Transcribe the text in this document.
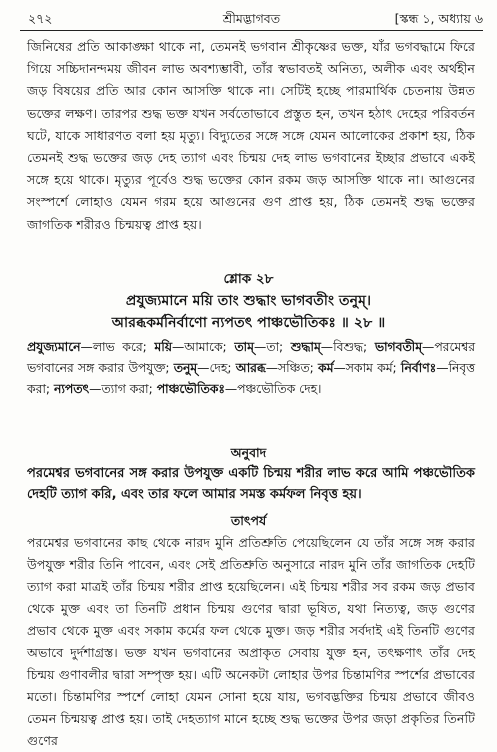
২৭২	শ্রীমদ্ভাগবত	[স্কন্ধ ১, অধ্যায় ৬

জিনিষের প্রতি আকাঙ্ক্ষা থাকে না, তেমনই ভগবান শ্রীকৃষ্ণের ভক্ত, যাঁর ভগবদ্ধামে ফিরে গিয়ে সচ্চিদানন্দময় জীবন লাভ অবশ্যম্ভাবী, তাঁর স্বভাবতই অনিত্য, অলীক এবং অর্থহীন জড় বিষয়ের প্রতি আর কোন আসক্তি থাকে না। সেটিই হচ্ছে পারমার্থিক চেতনায় উন্নত ভক্তের লক্ষণ। তারপর শুদ্ধ ভক্ত যখন সর্বতোভাবে প্রস্তুত হন, তখন হঠাৎ দেহের পরিবর্তন ঘটে, যাকে সাধারণত বলা হয় মৃত্যু। বিদ্যুতের সঙ্গে সঙ্গে যেমন আলোকের প্রকাশ হয়, ঠিক তেমনই শুদ্ধ ভক্তের জড় দেহ ত্যাগ এবং চিন্ময় দেহ লাভ ভগবানের ইচ্ছার প্রভাবে একই সঙ্গে হয়ে থাকে। মৃত্যুর পূর্বেও শুদ্ধ ভক্তের কোন রকম জড় আসক্তি থাকে না। আগুনের সংস্পর্শে লোহাও যেমন গরম হয়ে আগুনের গুণ প্রাপ্ত হয়, ঠিক তেমনই শুদ্ধ ভক্তের জাগতিক শরীরও চিন্ময়ত্ব প্রাপ্ত হয়।

শ্লোক ২৮
প্রযুজ্যমানে ময়ি তাং শুদ্ধাং ভাগবতীং তনুম্।
আরব্ধকর্মনির্বাণো ন্যপতৎ পাঞ্চভৌতিকঃ ॥ ২৮ ॥

প্রযুজ্যমানে—লাভ করে; ময়ি—আমাকে; তাম্—তা; শুদ্ধাম্—বিশুদ্ধ; ভাগবতীম্—পরমেশ্বর ভগবানের সঙ্গ করার উপযুক্ত; তনুম্—দেহ; আরব্ধ—সঞ্চিত; কর্ম—সকাম কর্ম; নির্বাণঃ—নিবৃত্ত করা; ন্যপতৎ—ত্যাগ করা; পাঞ্চভৌতিকঃ—পঞ্চভৌতিক দেহ।

অনুবাদ

পরমেশ্বর ভগবানের সঙ্গ করার উপযুক্ত একটি চিন্ময় শরীর লাভ করে আমি পঞ্চভৌতিক দেহটি ত্যাগ করি, এবং তার ফলে আমার সমস্ত কর্মফল নিবৃত্ত হয়।

তাৎপর্য

পরমেশ্বর ভগবানের কাছ থেকে নারদ মুনি প্রতিশ্রুতি পেয়েছিলেন যে তাঁর সঙ্গে সঙ্গ করার উপযুক্ত শরীর তিনি পাবেন, এবং সেই প্রতিশ্রুতি অনুসারে নারদ মুনি তাঁর জাগতিক দেহটি ত্যাগ করা মাত্রই তাঁর চিন্ময় শরীর প্রাপ্ত হয়েছিলেন। এই চিন্ময় শরীর সব রকম জড় প্রভাব থেকে মুক্ত এবং তা তিনটি প্রধান চিন্ময় গুণের দ্বারা ভূষিত, যথা নিত্যত্ব, জড় গুণের প্রভাব থেকে মুক্ত এবং সকাম কর্মের ফল থেকে মুক্ত। জড় শরীর সর্বদাই এই তিনটি গুণের অভাবে দুর্দশাগ্রস্ত। ভক্ত যখন ভগবানের অপ্রাকৃত সেবায় যুক্ত হন, তৎক্ষণাৎ তাঁর দেহ চিন্ময় গুণাবলীর দ্বারা সম্পৃক্ত হয়। এটি অনেকটা লোহার উপর চিন্তামণির স্পর্শের প্রভাবের মতো। চিন্তামণির স্পর্শে লোহা যেমন সোনা হয়ে যায়, ভগবদ্ভক্তির চিন্ময় প্রভাবে জীবও তেমন চিন্ময়ত্ব প্রাপ্ত হয়। তাই দেহত্যাগ মানে হচ্ছে শুদ্ধ ভক্তের উপর জড়া প্রকৃতির তিনটি গুণের
